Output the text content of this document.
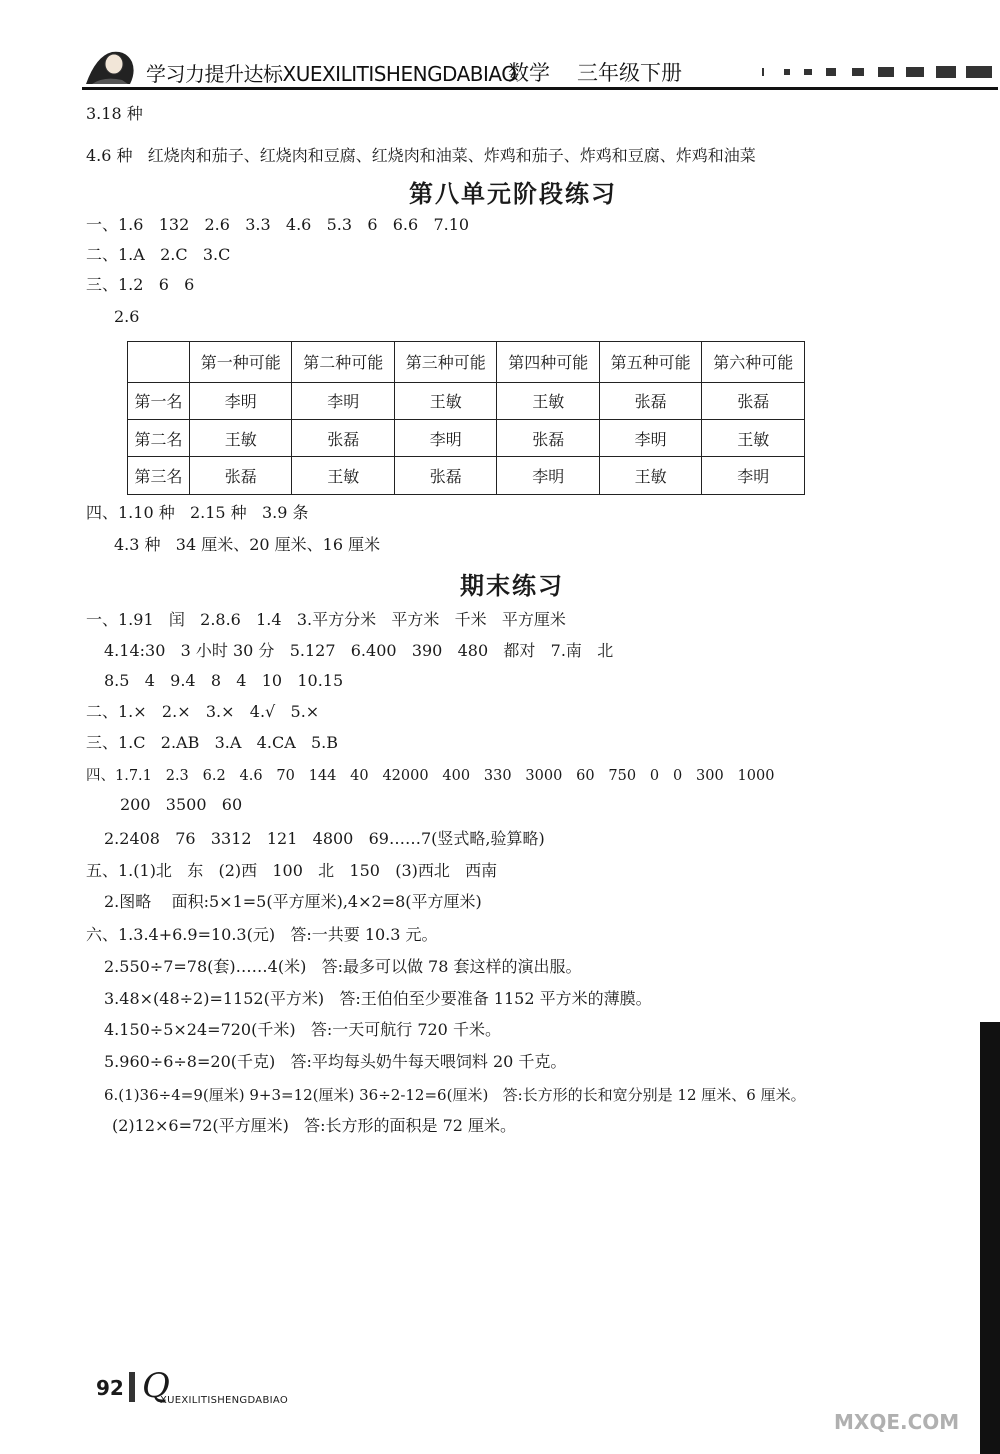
学习力提升达标XUEXILITISHENGDABIAO
数学 三年级下册
3.18 种
4.6 种   红烧肉和茄子、红烧肉和豆腐、红烧肉和油菜、炸鸡和茄子、炸鸡和豆腐、炸鸡和油菜
第八单元阶段练习
一、1.6   132   2.6   3.3   4.6   5.3   6   6.6   7.10
二、1.A   2.C   3.C
三、1.2   6   6
2.6
	第一种可能	第二种可能	第三种可能	第四种可能	第五种可能	第六种可能
第一名	李明	李明	王敏	王敏	张磊	张磊
第二名	王敏	张磊	李明	张磊	李明	王敏
第三名	张磊	王敏	张磊	李明	王敏	李明
四、1.10 种   2.15 种   3.9 条
4.3 种   34 厘米、20 厘米、16 厘米
期末练习
一、1.91   闰   2.8.6   1.4   3.平方分米   平方米   千米   平方厘米
4.14:30   3 小时 30 分   5.127   6.400   390   480   都对   7.南   北
8.5   4   9.4   8   4   10   10.15
二、1.×   2.×   3.×   4.√   5.×
三、1.C   2.AB   3.A   4.CA   5.B
四、1.7.1   2.3   6.2   4.6   70   144   40   42000   400   330   3000   60   750   0   0   300   1000
200   3500   60
2.2408   76   3312   121   4800   69……7(竖式略,验算略)
五、1.(1)北   东   (2)西   100   北   150   (3)西北   西南
2.图略    面积:5×1=5(平方厘米),4×2=8(平方厘米)
六、1.3.4+6.9=10.3(元)   答:一共要 10.3 元。
2.550÷7=78(套)……4(米)   答:最多可以做 78 套这样的演出服。
3.48×(48÷2)=1152(平方米)   答:王伯伯至少要准备 1152 平方米的薄膜。
4.150÷5×24=720(千米)   答:一天可航行 720 千米。
5.960÷6÷8=20(千克)   答:平均每头奶牛每天喂饲料 20 千克。
6.(1)36÷4=9(厘米) 9+3=12(厘米) 36÷2-12=6(厘米)   答:长方形的长和宽分别是 12 厘米、6 厘米。
(2)12×6=72(平方厘米)   答:长方形的面积是 72 厘米。
92 Q
XUEXILITISHENGDABIAO
MXQE.COM
